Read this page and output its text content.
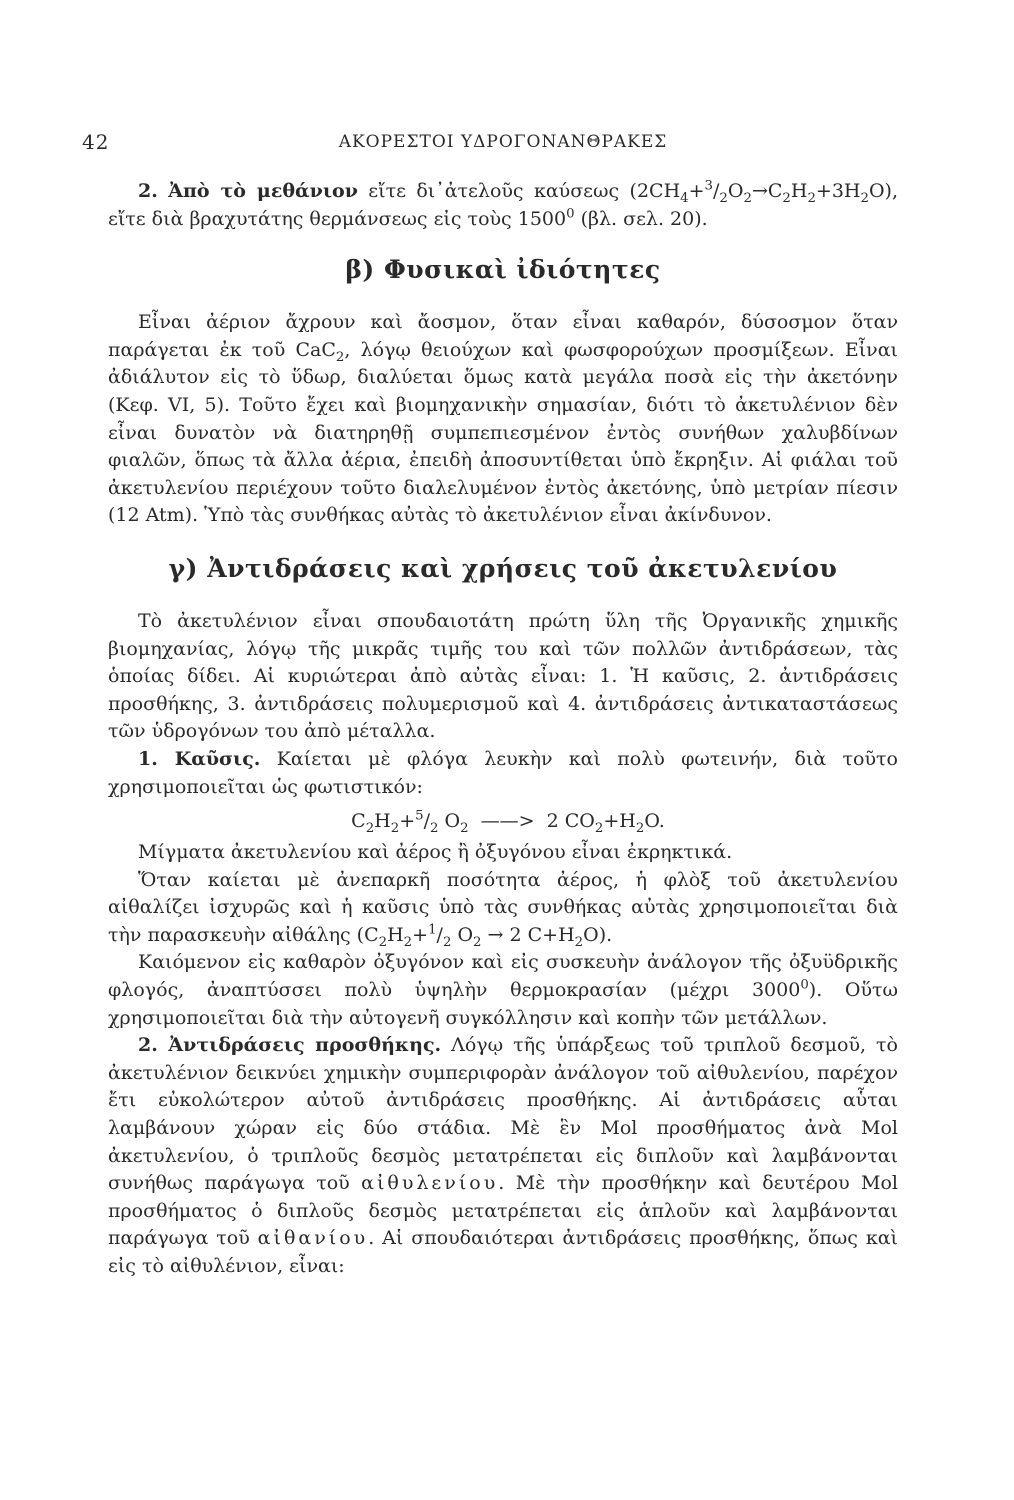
42	ΑΚΟΡΕΣΤΟΙ ΥΔΡΟΓΟΝΑΝΘΡΑΚΕΣ

2. Ἀπὸ τὸ μεθάνιον εἴτε δι᾽ἀτελοῦς καύσεως $(2CH_4+^3/_2O_2\to C_2H_2+3H_2O)$, εἴτε διὰ βραχυτάτης θερμάνσεως εἰς τοὺς 1500$^0$ (βλ. σελ. 20).

β) Φυσικαὶ ἰδιότητες

Εἶναι ἀέριον ἄχρουν καὶ ἄοσμον, ὅταν εἶναι καθαρόν, δύσοσμον ὅταν παράγεται ἐκ τοῦ CaC$_2$, λόγῳ θειούχων καὶ φωσφορούχων προσμίξεων. Εἶναι ἀδιάλυτον εἰς τὸ ὕδωρ, διαλύεται ὅμως κατὰ μεγάλα ποσὰ εἰς τὴν ἀκετόνην (Κεφ. VI, 5). Τοῦτο ἔχει καὶ βιομηχανικὴν σημασίαν, διότι τὸ ἀκετυλένιον δὲν εἶναι δυνατὸν νὰ διατηρηθῇ συμπεπιεσμένον ἐντὸς συνήθων χαλυβδίνων φιαλῶν, ὅπως τὰ ἄλλα ἀέρια, ἐπειδὴ ἀποσυντίθεται ὑπὸ ἔκρηξιν. Αἱ φιάλαι τοῦ ἀκετυλενίου περιέχουν τοῦτο διαλελυμένον ἐντὸς ἀκετόνης, ὑπὸ μετρίαν πίεσιν (12 Atm). Ὑπὸ τὰς συνθήκας αὐτὰς τὸ ἀκετυλένιον εἶναι ἀκίνδυνον.

γ) Ἀντιδράσεις καὶ χρήσεις τοῦ ἀκετυλενίου

Τὸ ἀκετυλένιον εἶναι σπουδαιοτάτη πρώτη ὕλη τῆς Ὀργανικῆς χημικῆς βιομηχανίας, λόγῳ τῆς μικρᾶς τιμῆς του καὶ τῶν πολλῶν ἀντιδράσεων, τὰς ὁποίας δίδει. Αἱ κυριώτεραι ἀπὸ αὐτὰς εἶναι: 1. Ἡ καῦσις, 2. ἀντιδράσεις προσθήκης, 3. ἀντιδράσεις πολυμερισμοῦ καὶ 4. ἀντιδράσεις ἀντικαταστάσεως τῶν ὑδρογόνων του ἀπὸ μέταλλα.

1. Καῦσις. Καίεται μὲ φλόγα λευκὴν καὶ πολὺ φωτεινήν, διὰ τοῦτο χρησιμοποιεῖται ὡς φωτιστικόν:

$C_2H_2+^5/_2$ $O_2$  ——>  2 $CO_2+H_2O$.

Μίγματα ἀκετυλενίου καὶ ἀέρος ἢ ὀξυγόνου εἶναι ἐκρηκτικά.

Ὅταν καίεται μὲ ἀνεπαρκῆ ποσότητα ἀέρος, ἡ φλὸξ τοῦ ἀκετυλενίου αἰθαλίζει ἰσχυρῶς καὶ ἡ καῦσις ὑπὸ τὰς συνθήκας αὐτὰς χρησιμοποιεῖται διὰ τὴν παρασκευὴν αἰθάλης ($C_2H_2+^1/_2$ $O_2 \to 2$ $C+H_2O$).

Καιόμενον εἰς καθαρὸν ὀξυγόνον καὶ εἰς συσκευὴν ἀνάλογον τῆς ὀξυϋδρικῆς φλογός, ἀναπτύσσει πολὺ ὑψηλὴν θερμοκρασίαν (μέχρι 3000$^0$). Οὕτω χρησιμοποιεῖται διὰ τὴν αὐτογενῆ συγκόλλησιν καὶ κοπὴν τῶν μετάλλων.

2. Ἀντιδράσεις προσθήκης. Λόγῳ τῆς ὑπάρξεως τοῦ τριπλοῦ δεσμοῦ, τὸ ἀκετυλένιον δεικνύει χημικὴν συμπεριφορὰν ἀνάλογον τοῦ αἰθυλενίου, παρέχον ἔτι εὐκολώτερον αὐτοῦ ἀντιδράσεις προσθήκης. Αἱ ἀντιδράσεις αὗται λαμβάνουν χώραν εἰς δύο στάδια. Μὲ ἓν Mol προσθήματος ἀνὰ Mol ἀκετυλενίου, ὁ τριπλοῦς δεσμὸς μετατρέπεται εἰς διπλοῦν καὶ λαμβάνονται συνήθως παράγωγα τοῦ αἰθυλενίου. Μὲ τὴν προσθήκην καὶ δευτέρου Mol προσθήματος ὁ διπλοῦς δεσμὸς μετατρέπεται εἰς ἁπλοῦν καὶ λαμβάνονται παράγωγα τοῦ αἰθανίου. Αἱ σπουδαιότεραι ἀντιδράσεις προσθήκης, ὅπως καὶ εἰς τὸ αἰθυλένιον, εἶναι:
